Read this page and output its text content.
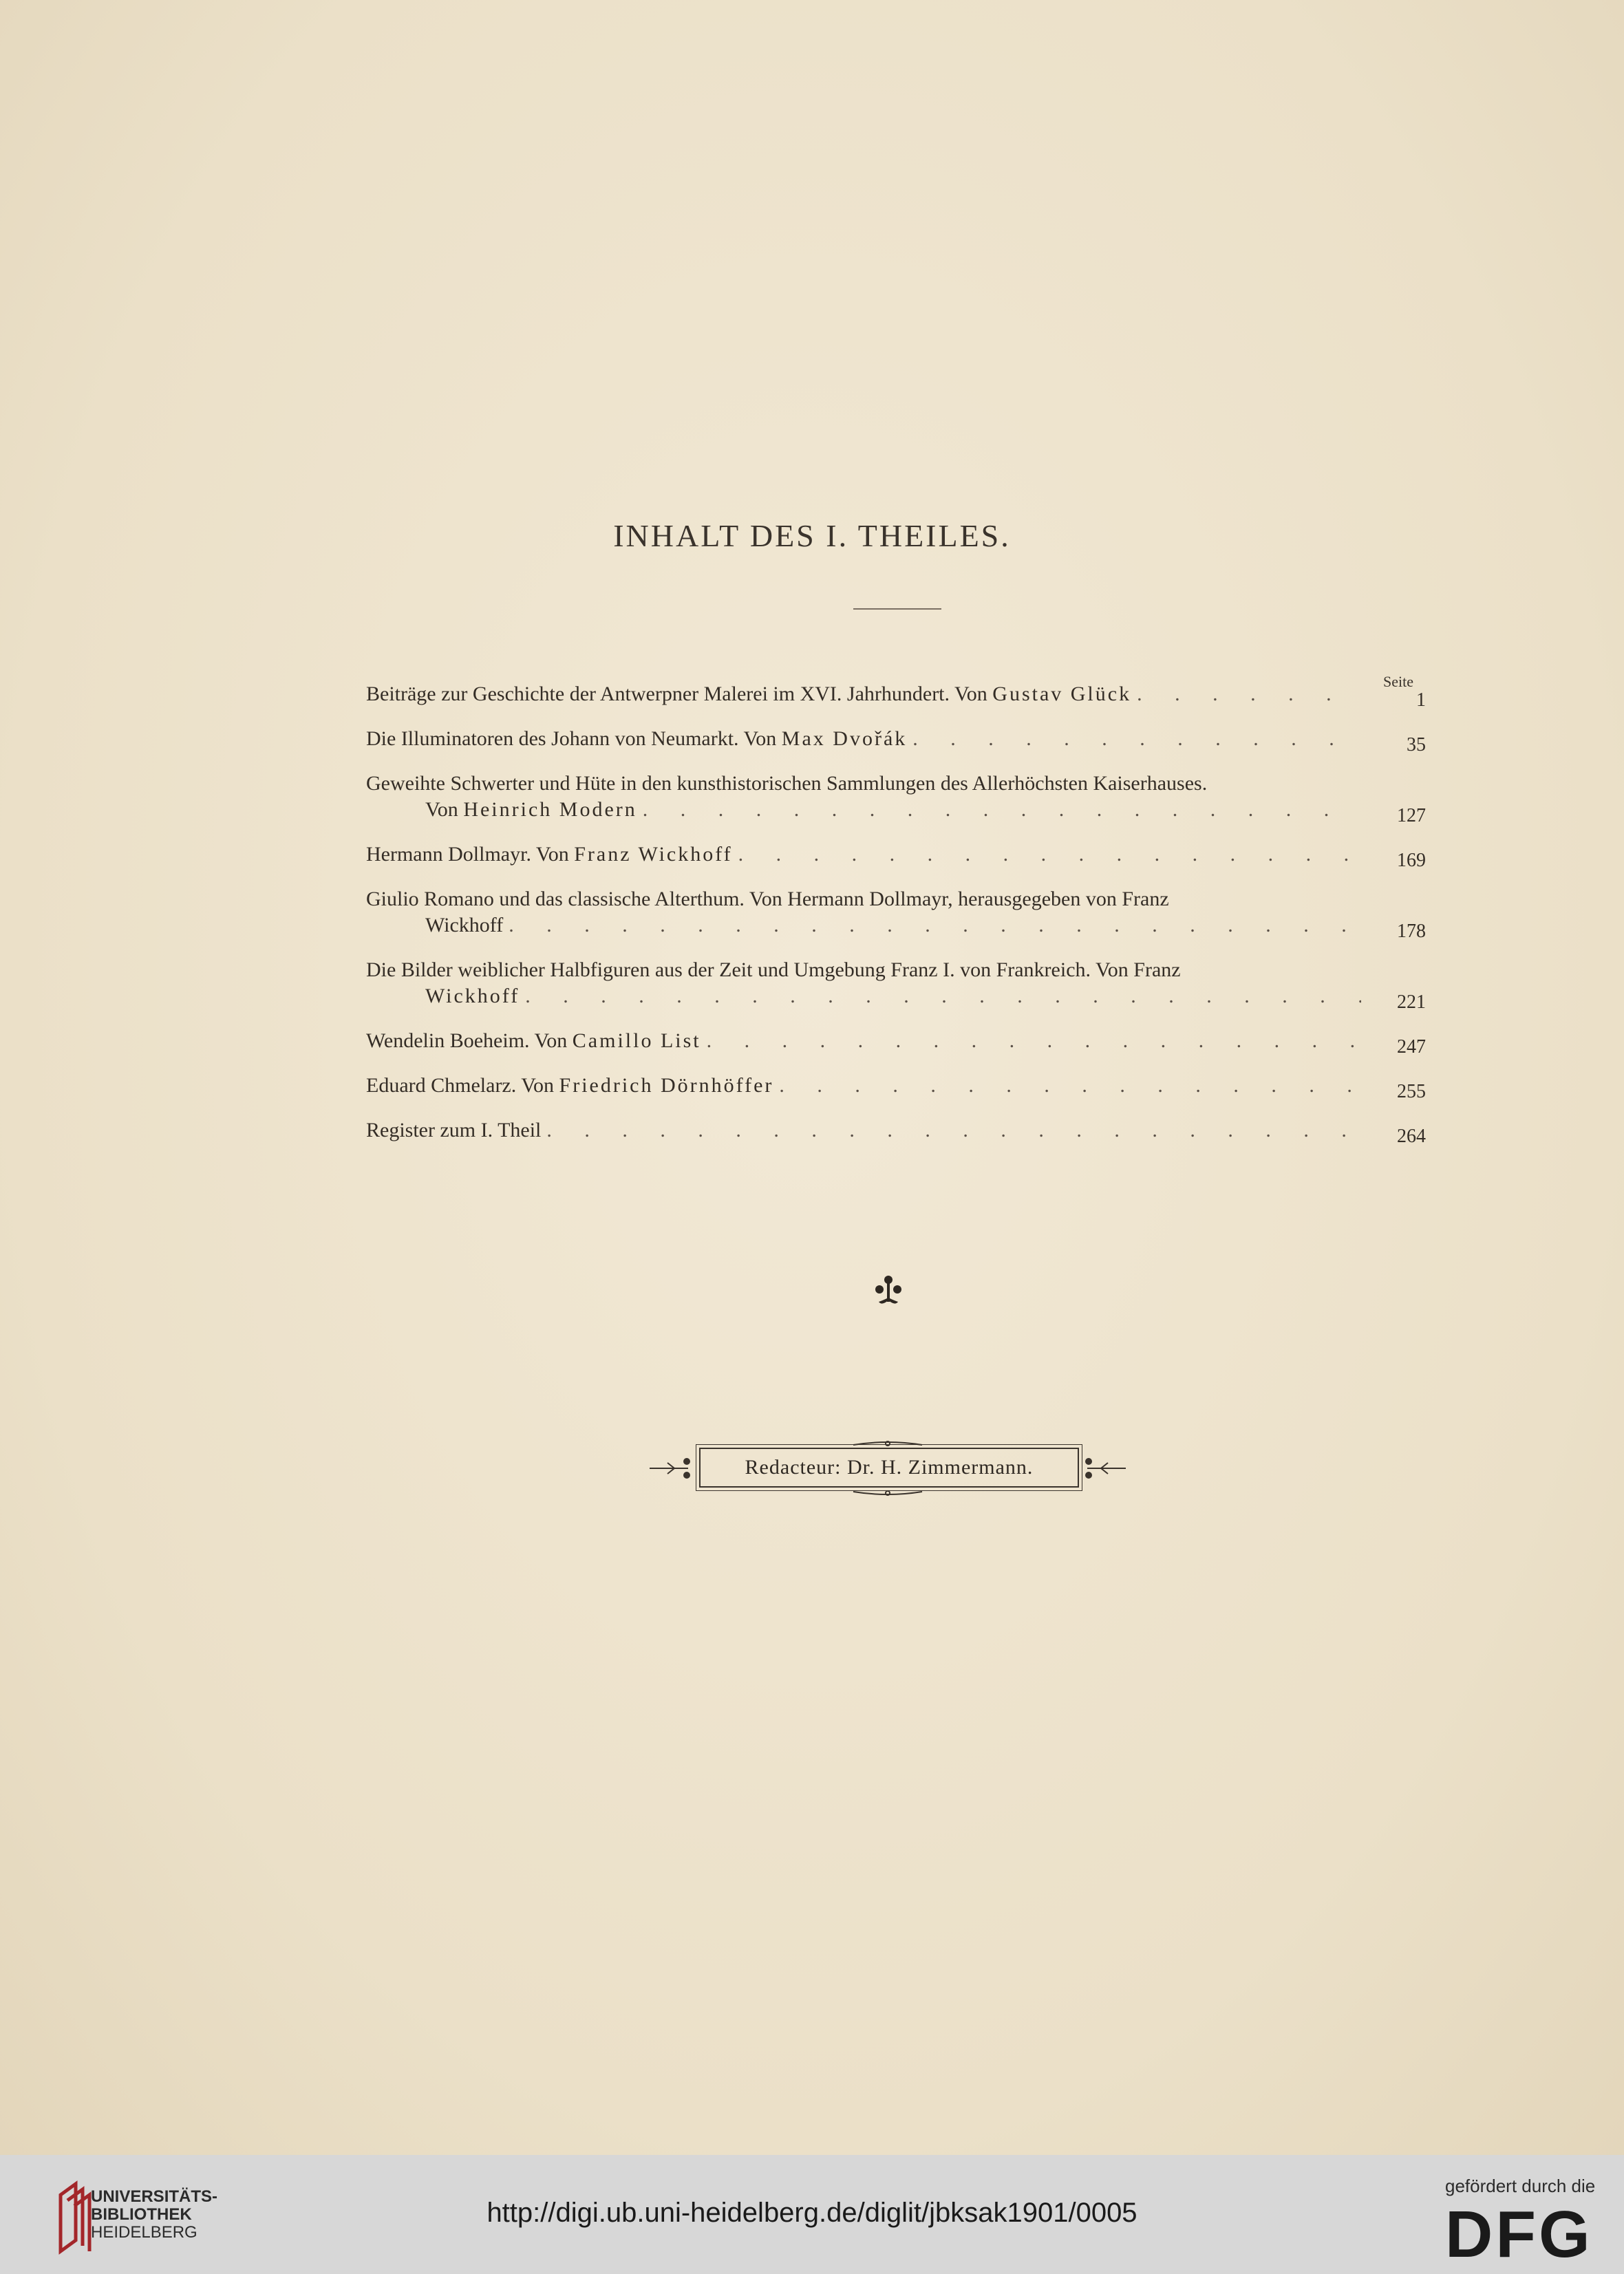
INHALT DES I. THEILES.
Seite
Beiträge zur Geschichte der Antwerpner Malerei im XVI. Jahrhundert. Von
Gustav Glück . . .	1
Die Illuminatoren des Johann von Neumarkt. Von
Max Dvořák . . .	35
Geweihte Schwerter und Hüte in den kunsthistorischen Sammlungen des Allerhöchsten Kaiserhauses.
Von
Heinrich Modern . . .	127
Hermann Dollmayr. Von
Franz Wickhoff . . .	169
Giulio Romano und das classische Alterthum. Von Hermann Dollmayr, herausgegeben von Franz
Wickhoff . . .	178
Die Bilder weiblicher Halbfiguren aus der Zeit und Umgebung Franz I. von Frankreich. Von Franz
Wickhoff . . .	221
Wendelin Boeheim. Von
Camillo List . . .	247
Eduard Chmelarz. Von
Friedrich Dörnhöffer . . .	255
Register zum I. Theil . . .	264
Redacteur: Dr. H. Zimmermann.
UNIVERSITÄTS-
BIBLIOTHEK
HEIDELBERG
http://digi.ub.uni-heidelberg.de/diglit/jbksak1901/0005
gefördert durch die
DFG
